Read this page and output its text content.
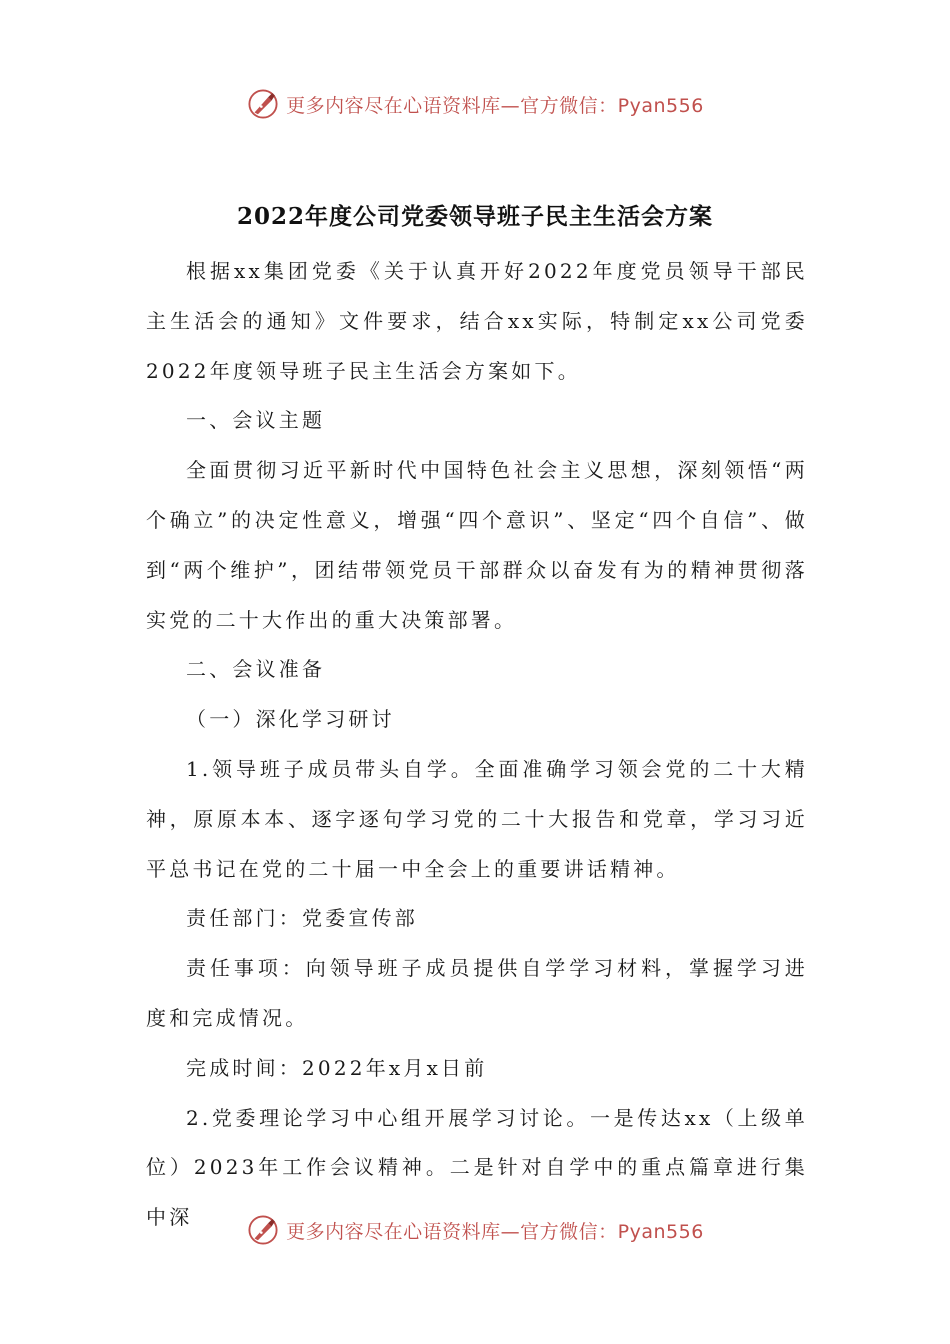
更多内容尽在心语资料库—官方微信：Pyan556
2022年度公司党委领导班子民主生活会方案

根据xx集团党委《关于认真开好2022年度党员领导干部民主生活会的通知》文件要求，结合xx实际，特制定xx公司党委2022年度领导班子民主生活会方案如下。

一、会议主题

全面贯彻习近平新时代中国特色社会主义思想，深刻领悟“两个确立”的决定性意义，增强“四个意识”、坚定“四个自信”、做到“两个维护”，团结带领党员干部群众以奋发有为的精神贯彻落实党的二十大作出的重大决策部署。

二、会议准备

（一）深化学习研讨

1.领导班子成员带头自学。全面准确学习领会党的二十大精神，原原本本、逐字逐句学习党的二十大报告和党章，学习习近平总书记在党的二十届一中全会上的重要讲话精神。

责任部门：党委宣传部

责任事项：向领导班子成员提供自学学习材料，掌握学习进度和完成情况。

完成时间：2022年x月x日前

2.党委理论学习中心组开展学习讨论。一是传达xx（上级单位）2023年工作会议精神。二是针对自学中的重点篇章进行集中深

更多内容尽在心语资料库—官方微信：Pyan556
